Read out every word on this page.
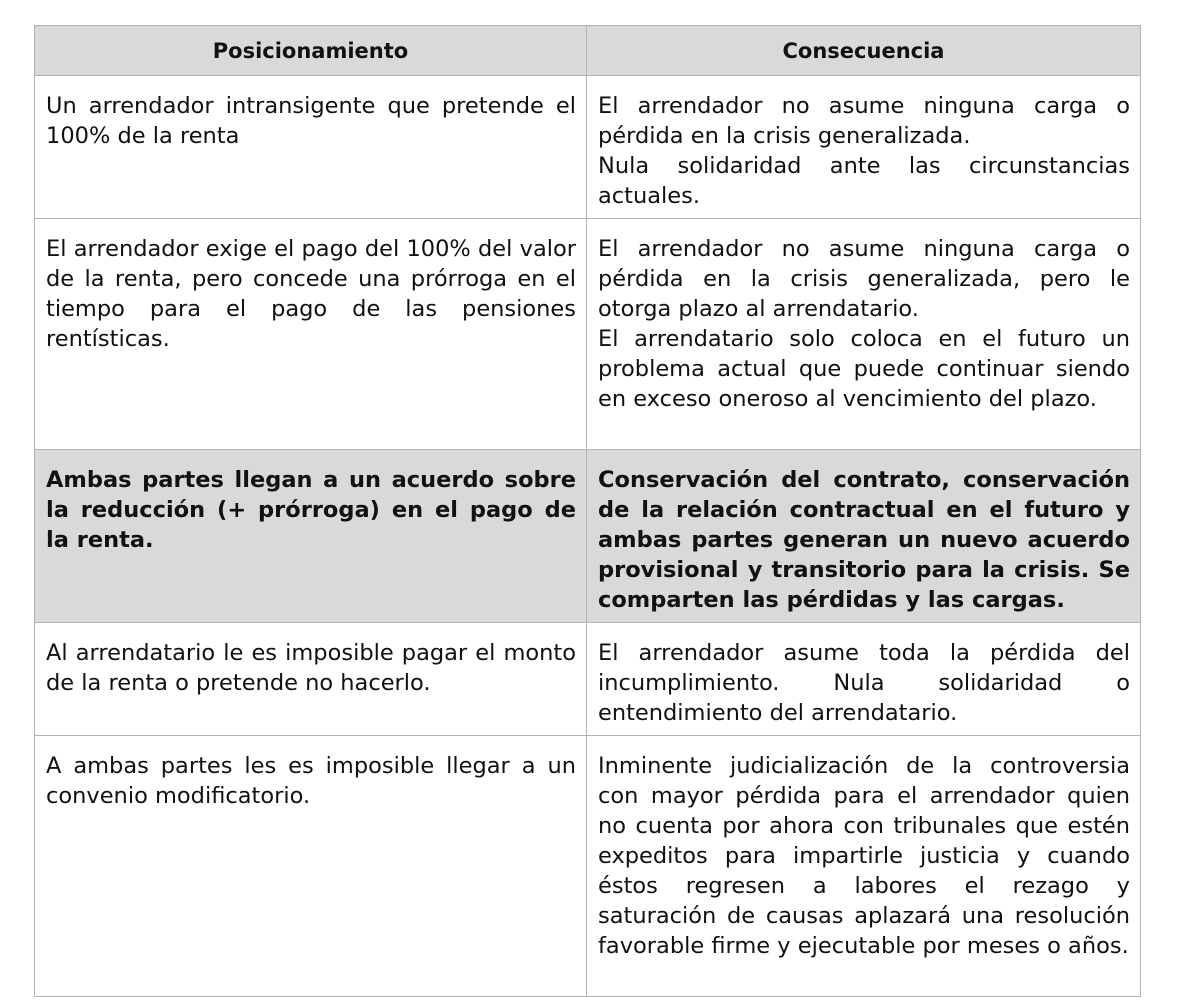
Posicionamiento	Consecuencia
Un arrendador intransigente que pretende el 100% de la renta	El arrendador no asume ninguna carga o pérdida en la crisis generalizada.
Nula solidaridad ante las circunstancias actuales.

El arrendador exige el pago del 100% del valor de la renta, pero concede una prórroga en el tiempo para el pago de las pensiones rentísticas.	El arrendador no asume ninguna carga o pérdida en la crisis generalizada, pero le otorga plazo al arrendatario.
El arrendatario solo coloca en el futuro un problema actual que puede continuar siendo en exceso oneroso al vencimiento del plazo.

Ambas partes llegan a un acuerdo sobre la reducción (+ prórroga) en el pago de la renta.	Conservación del contrato, conservación de la relación contractual en el futuro y ambas partes generan un nuevo acuerdo provisional y transitorio para la crisis. Se comparten las pérdidas y las cargas.

Al arrendatario le es imposible pagar el monto de la renta o pretende no hacerlo.	El arrendador asume toda la pérdida del incumplimiento. Nula solidaridad o entendimiento del arrendatario.

A ambas partes les es imposible llegar a un convenio modificatorio.	Inminente judicialización de la controversia con mayor pérdida para el arrendador quien no cuenta por ahora con tribunales que estén expeditos para impartirle justicia y cuando éstos regresen a labores el rezago y saturación de causas aplazará una resolución favorable firme y ejecutable por meses o años.
